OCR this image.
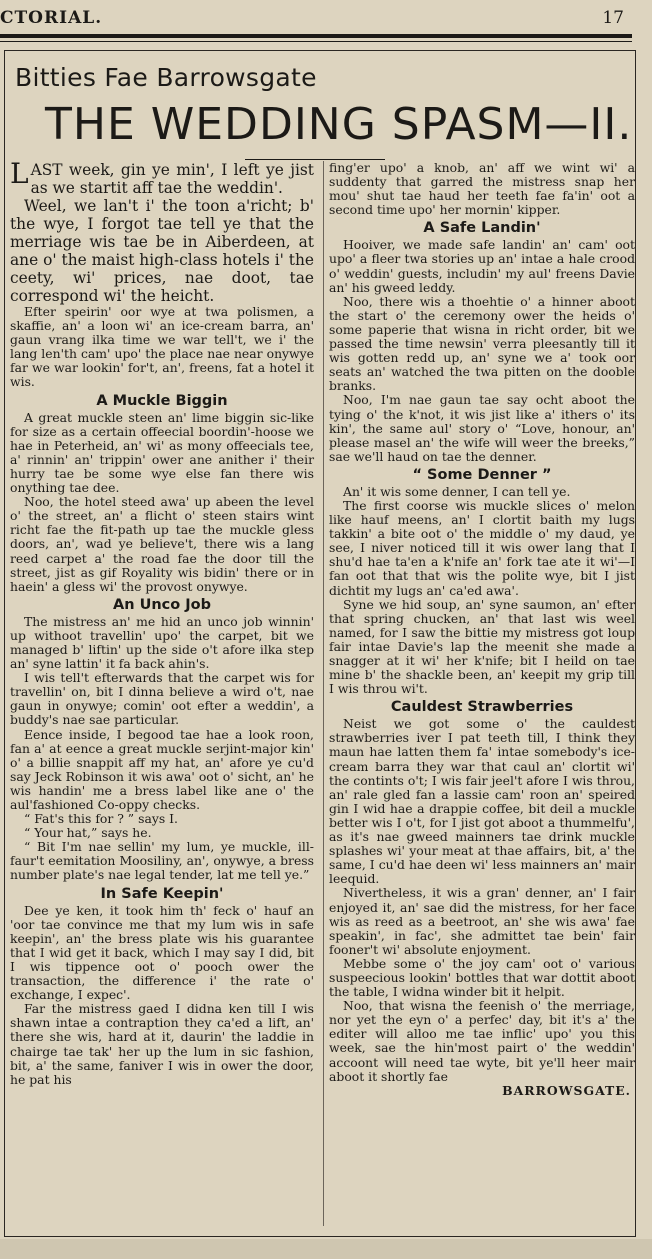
CTORIAL.	17
Bitties Fae Barrowsgate
THE WEDDING SPASM—II.

LAST week, gin ye min', I left ye jist as we startit aff tae the weddin'.

Weel, we lan't i' the toon a'richt; b' the wye, I forgot tae tell ye that the merriage wis tae be in Aiberdeen, at ane o' the maist high-class hotels i' the ceety, wi' prices, nae doot, tae correspond wi' the heicht.

Efter speirin' oor wye at twa polismen, a skaffie, an' a loon wi' an ice-cream barra, an' gaun vrang ilka time we war tell't, we i' the lang len'th cam' upo' the place nae near onywye far we war lookin' for't, an', freens, fat a hotel it wis.

A Muckle Biggin

A great muckle steen an' lime biggin sic-like for size as a certain offeecial boordin'-hoose we hae in Peterheid, an' wi' as mony offeecials tee, a' rinnin' an' trippin' ower ane anither i' their hurry tae be some wye else fan there wis onything tae dee.

Noo, the hotel steed awa' up abeen the level o' the street, an' a flicht o' steen stairs wint richt fae the fit-path up tae the muckle gless doors, an', wad ye believe't, there wis a lang reed carpet a' the road fae the door till the street, jist as gif Royality wis bidin' there or in haein' a gless wi' the provost onywye.

An Unco Job

The mistress an' me hid an unco job winnin' up withoot travellin' upo' the carpet, bit we managed b' liftin' up the side o't afore ilka step an' syne lattin' it fa back ahin's.

I wis tell't efterwards that the carpet wis for travellin' on, bit I dinna believe a wird o't, nae gaun in onywye; comin' oot efter a weddin', a buddy's nae sae particular.

Eence inside, I begood tae hae a look roon, fan a' at eence a great muckle serjint-major kin' o' a billie snappit aff my hat, an' afore ye cu'd say Jeck Robinson it wis awa' oot o' sicht, an' he wis handin' me a bress label like ane o' the aul'fashioned Co-oppy checks.

“ Fat's this for ? ” says I.

“ Your hat,” says he.

“ Bit I'm nae sellin' my lum, ye muckle, ill-faur't eemitation Moosiliny, an', onywye, a bress number plate's nae legal tender, lat me tell ye.”

In Safe Keepin'

Dee ye ken, it took him th' feck o' hauf an 'oor tae convince me that my lum wis in safe keepin', an' the bress plate wis his guarantee that I wid get it back, which I may say I did, bit I wis tippence oot o' pooch ower the transaction, the difference i' the rate o' exchange, I expec'.

Far the mistress gaed I didna ken till I wis shawn intae a contraption they ca'ed a lift, an' there she wis, hard at it, daurin' the laddie in chairge tae tak' her up the lum in sic fashion, bit, a' the same, faniver I wis in ower the door, he pat his

fing'er upo' a knob, an' aff we wint wi' a suddenty that garred the mistress snap her mou' shut tae haud her teeth fae fa'in' oot a second time upo' her mornin' kipper.

A Safe Landin'

Hooiver, we made safe landin' an' cam' oot upo' a fleer twa stories up an' intae a hale crood o' weddin' guests, includin' my aul' freens Davie an' his gweed leddy.

Noo, there wis a thoehtie o' a hinner aboot the start o' the ceremony ower the heids o' some paperie that wisna in richt order, bit we passed the time newsin' verra pleesantly till it wis gotten redd up, an' syne we a' took oor seats an' watched the twa pitten on the dooble branks.

Noo, I'm nae gaun tae say ocht aboot the tying o' the k'not, it wis jist like a' ithers o' its kin', the same aul' story o' “Love, honour, an' please masel an' the wife will weer the breeks,” sae we'll haud on tae the denner.

“ Some Denner ”

An' it wis some denner, I can tell ye.

The first coorse wis muckle slices o' melon like hauf meens, an' I clortit baith my lugs takkin' a bite oot o' the middle o' my daud, ye see, I niver noticed till it wis ower lang that I shu'd hae ta'en a k'nife an' fork tae ate it wi'—I fan oot that that wis the polite wye, bit I jist dichtit my lugs an' ca'ed awa'.

Syne we hid soup, an' syne saumon, an' efter that spring chucken, an' that last wis weel named, for I saw the bittie my mistress got loup fair intae Davie's lap the meenit she made a snagger at it wi' her k'nife; bit I heild on tae mine b' the shackle been, an' keepit my grip till I wis throu wi't.

Cauldest Strawberries

Neist we got some o' the cauldest strawberries iver I pat teeth till, I think they maun hae latten them fa' intae somebody's ice-cream barra they war that caul an' clortit wi' the contints o't; I wis fair jeel't afore I wis throu, an' rale gled fan a lassie cam' roon an' speired gin I wid hae a drappie coffee, bit deil a muckle better wis I o't, for I jist got aboot a thummelfu', as it's nae gweed mainners tae drink muckle splashes wi' your meat at thae affairs, bit, a' the same, I cu'd hae deen wi' less mainners an' mair leequid.

Nivertheless, it wis a gran' denner, an' I fair enjoyed it, an' sae did the mistress, for her face wis as reed as a beetroot, an' she wis awa' fae speakin', in fac', she admittet tae bein' fair fooner't wi' absolute enjoyment.

Mebbe some o' the joy cam' oot o' various suspeecious lookin' bottles that war dottit aboot the table, I widna winder bit it helpit.

Noo, that wisna the feenish o' the merriage, nor yet the eyn o' a perfec' day, bit it's a' the editer will alloo me tae inflic' upo' you this week, sae the hin'most pairt o' the weddin' accoont will need tae wyte, bit ye'll heer mair aboot it shortly fae

BARROWSGATE.
